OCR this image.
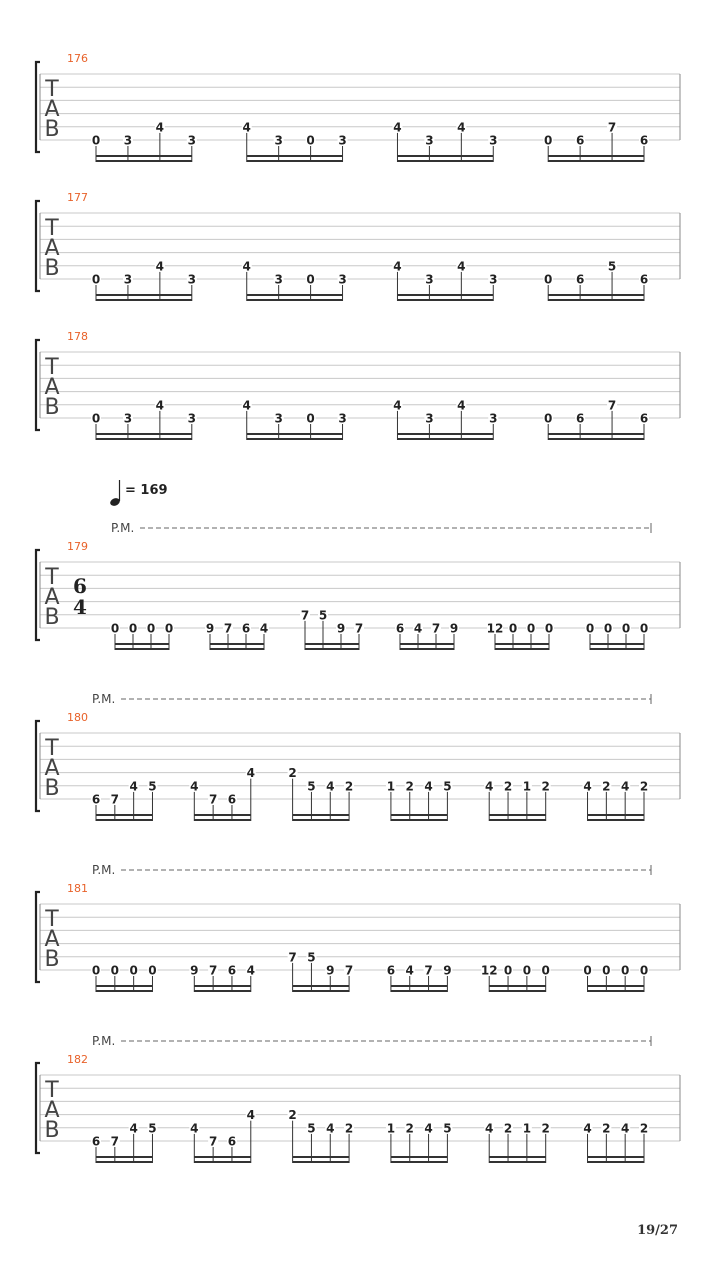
19/27
T
A
B
176
0 3
4
3
4
3 0 3
4
3
4
3	0 6
7
6
T
A
B
177
0 3
4
3
4
3 0 3
4
3
4
3	0 6
5
6
T
A
B
178
0 3
4
3
4
3 0 3
4
3
4
3	0 6
7
6
T
A
B
179
6
4
= 169
P.M.
0 0 0 0	9 7 6 4
7 5
9 7	6 4 7 9 12 0 0 0	0 0 0 0
T
A
B
180
P.M.
6 7
4 5	4
7 6
4	2
5 4 2	1 2 4 5	4 2 1 2	4 2 4 2
T
A
B
181
P.M.
0 0 0 0	9 7 6 4
7 5
9 7	6 4 7 9 12 0 0 0	0 0 0 0
T
A
B
182
P.M.
6 7
4 5	4
7 6
4	2
5 4 2	1 2 4 5	4 2 1 2	4 2 4 2
